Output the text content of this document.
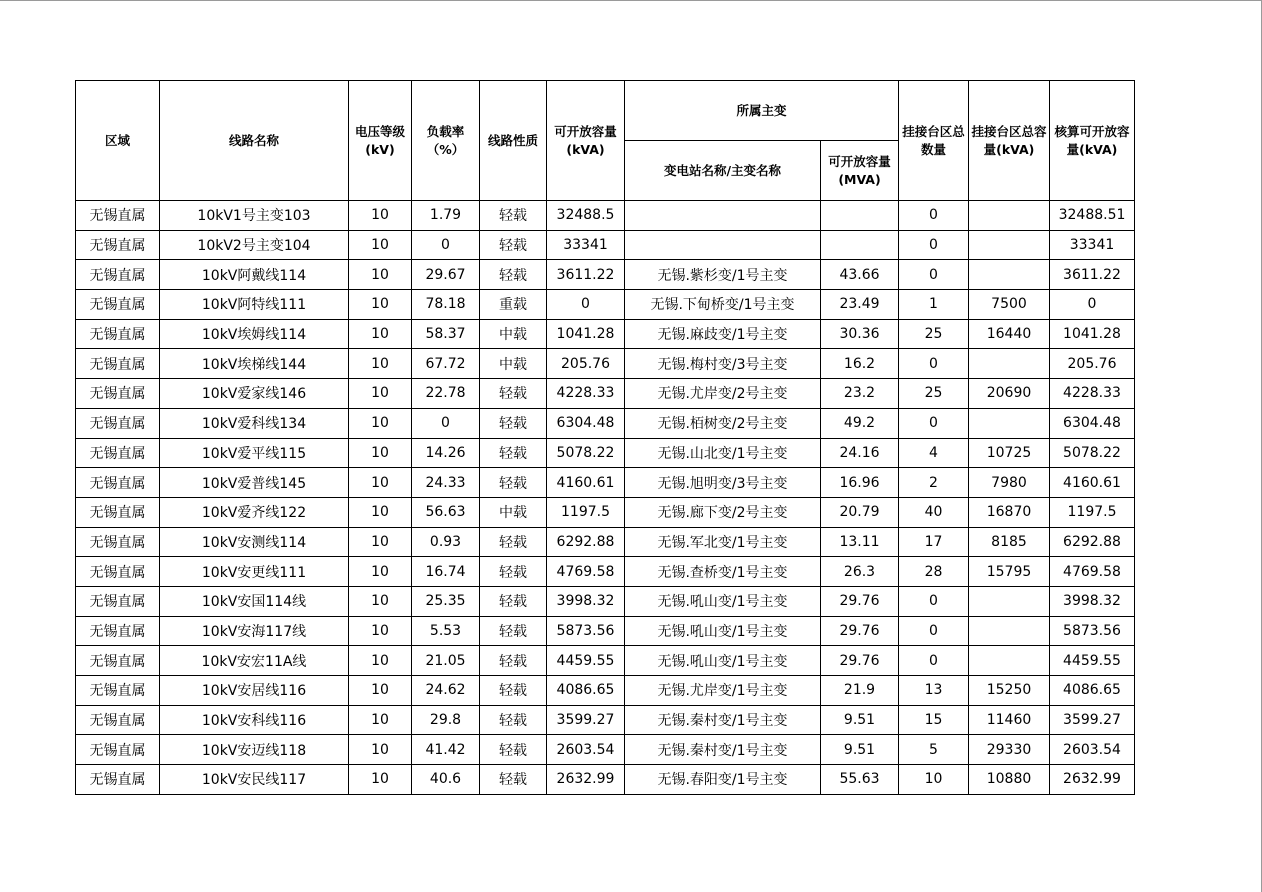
区域	线路名称	电压等级(kV)	负载率（%）	线路性质	可开放容量(kVA)	所属主变		挂接台区总数量	挂接台区总容量(kVA)	核算可开放容量(kVA)
						变电站名称/主变名称	可开放容量(MVA)			
无锡直属	10kV1号主变103	10	1.79	轻载	32488.5			0		32488.51
无锡直属	10kV2号主变104	10	0	轻载	33341			0		33341
无锡直属	10kV阿戴线114	10	29.67	轻载	3611.22	无锡.紫杉变/1号主变	43.66	0		3611.22
无锡直属	10kV阿特线111	10	78.18	重载	0	无锡.下甸桥变/1号主变	23.49	1	7500	0
无锡直属	10kV埃姆线114	10	58.37	中载	1041.28	无锡.麻歧变/1号主变	30.36	25	16440	1041.28
无锡直属	10kV埃梯线144	10	67.72	中载	205.76	无锡.梅村变/3号主变	16.2	0		205.76
无锡直属	10kV爱家线146	10	22.78	轻载	4228.33	无锡.尤岸变/2号主变	23.2	25	20690	4228.33
无锡直属	10kV爱科线134	10	0	轻载	6304.48	无锡.栢树变/2号主变	49.2	0		6304.48
无锡直属	10kV爱平线115	10	14.26	轻载	5078.22	无锡.山北变/1号主变	24.16	4	10725	5078.22
无锡直属	10kV爱普线145	10	24.33	轻载	4160.61	无锡.旭明变/3号主变	16.96	2	7980	4160.61
无锡直属	10kV爱齐线122	10	56.63	中载	1197.5	无锡.廊下变/2号主变	20.79	40	16870	1197.5
无锡直属	10kV安测线114	10	0.93	轻载	6292.88	无锡.军北变/1号主变	13.11	17	8185	6292.88
无锡直属	10kV安更线111	10	16.74	轻载	4769.58	无锡.查桥变/1号主变	26.3	28	15795	4769.58
无锡直属	10kV安国114线	10	25.35	轻载	3998.32	无锡.吼山变/1号主变	29.76	0		3998.32
无锡直属	10kV安海117线	10	5.53	轻载	5873.56	无锡.吼山变/1号主变	29.76	0		5873.56
无锡直属	10kV安宏11A线	10	21.05	轻载	4459.55	无锡.吼山变/1号主变	29.76	0		4459.55
无锡直属	10kV安居线116	10	24.62	轻载	4086.65	无锡.尤岸变/1号主变	21.9	13	15250	4086.65
无锡直属	10kV安科线116	10	29.8	轻载	3599.27	无锡.秦村变/1号主变	9.51	15	11460	3599.27
无锡直属	10kV安迈线118	10	41.42	轻载	2603.54	无锡.秦村变/1号主变	9.51	5	29330	2603.54
无锡直属	10kV安民线117	10	40.6	轻载	2632.99	无锡.春阳变/1号主变	55.63	10	10880	2632.99
